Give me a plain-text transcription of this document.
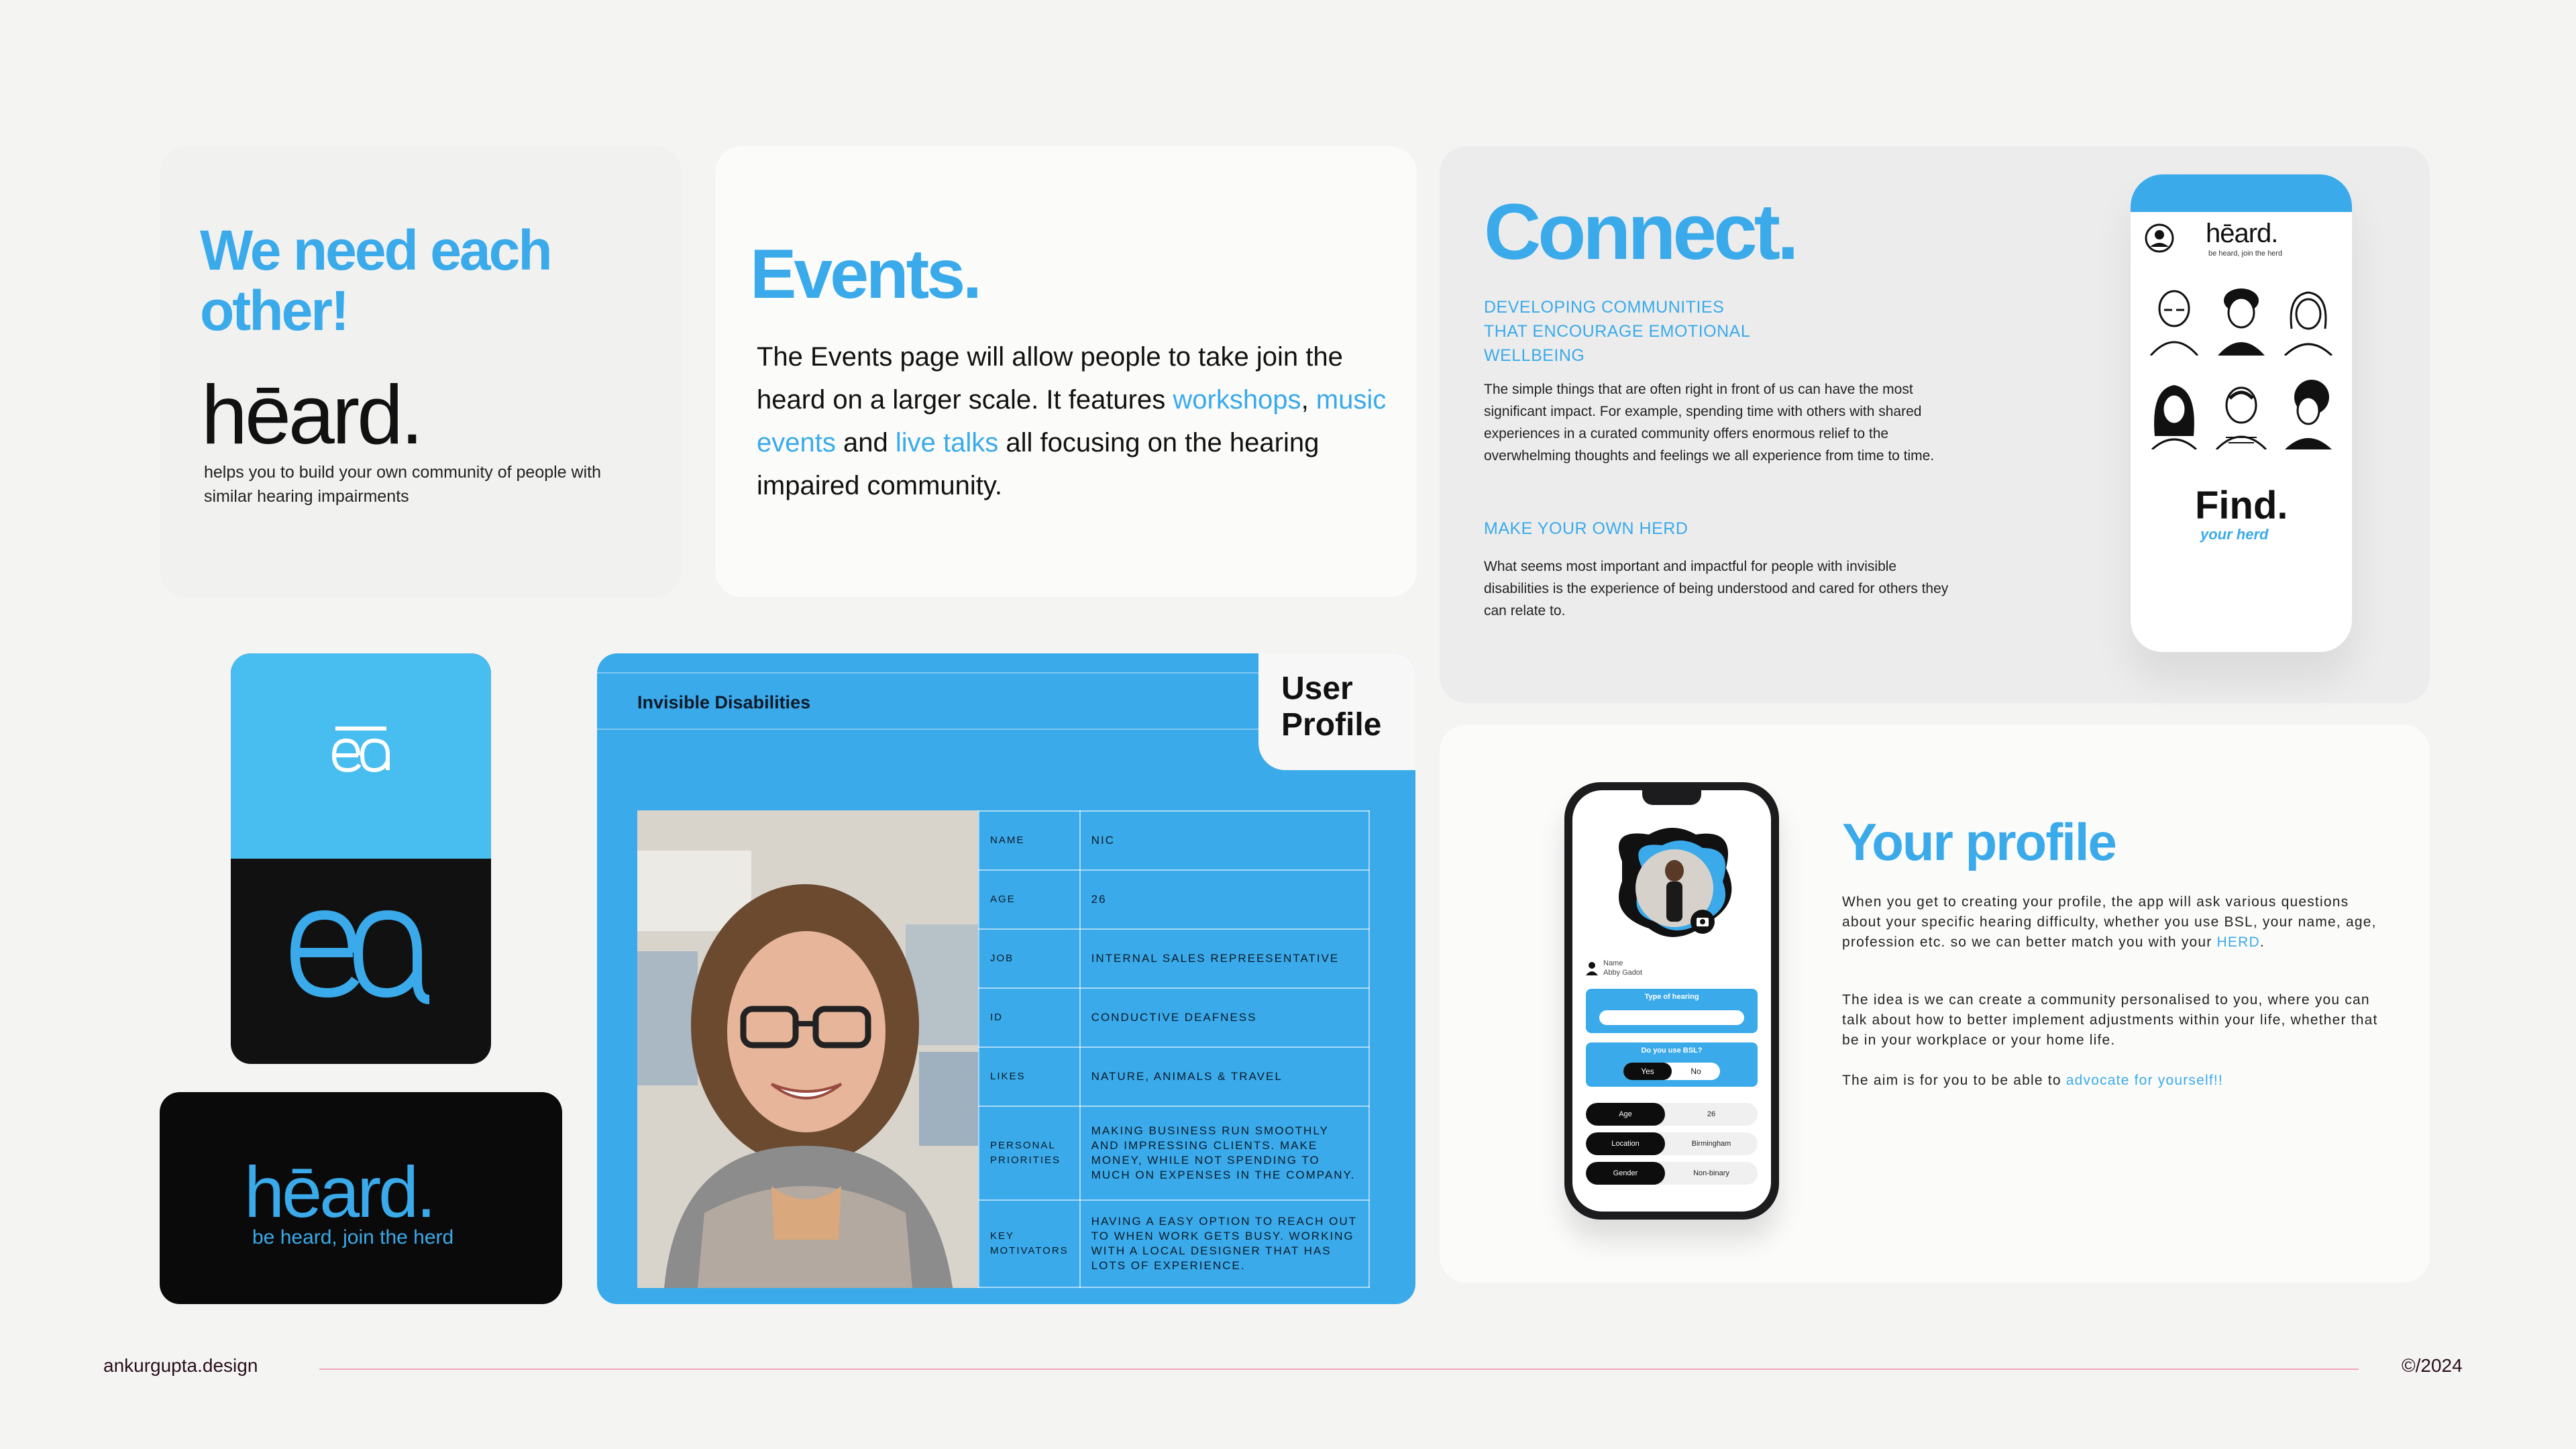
We need each other!
hēard.
helps you to build your own community of people with similar hearing impairments
Events.
The Events page will allow people to take join the heard on a larger scale. It features workshops, music events and live talks all focusing on the hearing impaired community.
Connect.
DEVELOPING COMMUNITIES THAT ENCOURAGE EMOTIONAL WELLBEING
The simple things that are often right in front of us can have the most significant impact. For example, spending time with others with shared experiences in a curated community offers enormous relief to the overwhelming thoughts and feelings we all experience from time to time.
MAKE YOUR OWN HERD
What seems most important and impactful for people with invisible disabilities is the experience of being understood and cared for others they can relate to.
hēard.
be heard, join the herd
Find.
your herd
hēard.
be heard, join the herd
Invisible Disabilities	User Profile
NAME	NIC
AGE	26
JOB	INTERNAL SALES REPREESENTATIVE
ID	CONDUCTIVE DEAFNESS
LIKES	NATURE, ANIMALS & TRAVEL
PERSONAL PRIORITIES	MAKING BUSINESS RUN SMOOTHLY AND IMPRESSING CLIENTS. MAKE MONEY, WHILE NOT SPENDING TO MUCH ON EXPENSES IN THE COMPANY.
KEY MOTIVATORS	HAVING A EASY OPTION TO REACH OUT TO WHEN WORK GETS BUSY. WORKING WITH A LOCAL DESIGNER THAT HAS LOTS OF EXPERIENCE.
Name
Abby Gadot
Type of hearing
Do you use BSL?
Yes	No
Age	26
Location	Birmingham
Gender	Non-binary
Your profile
When you get to creating your profile, the app will ask various questions about your specific hearing difficulty, whether you use BSL, your name, age, profession etc. so we can better match you with your HERD.
The idea is we can create a community personalised to you, where you can talk about how to better implement adjustments within your life, whether that be in your workplace or your home life.
The aim is for you to be able to advocate for yourself!!
ankurgupta.design	©/2024
